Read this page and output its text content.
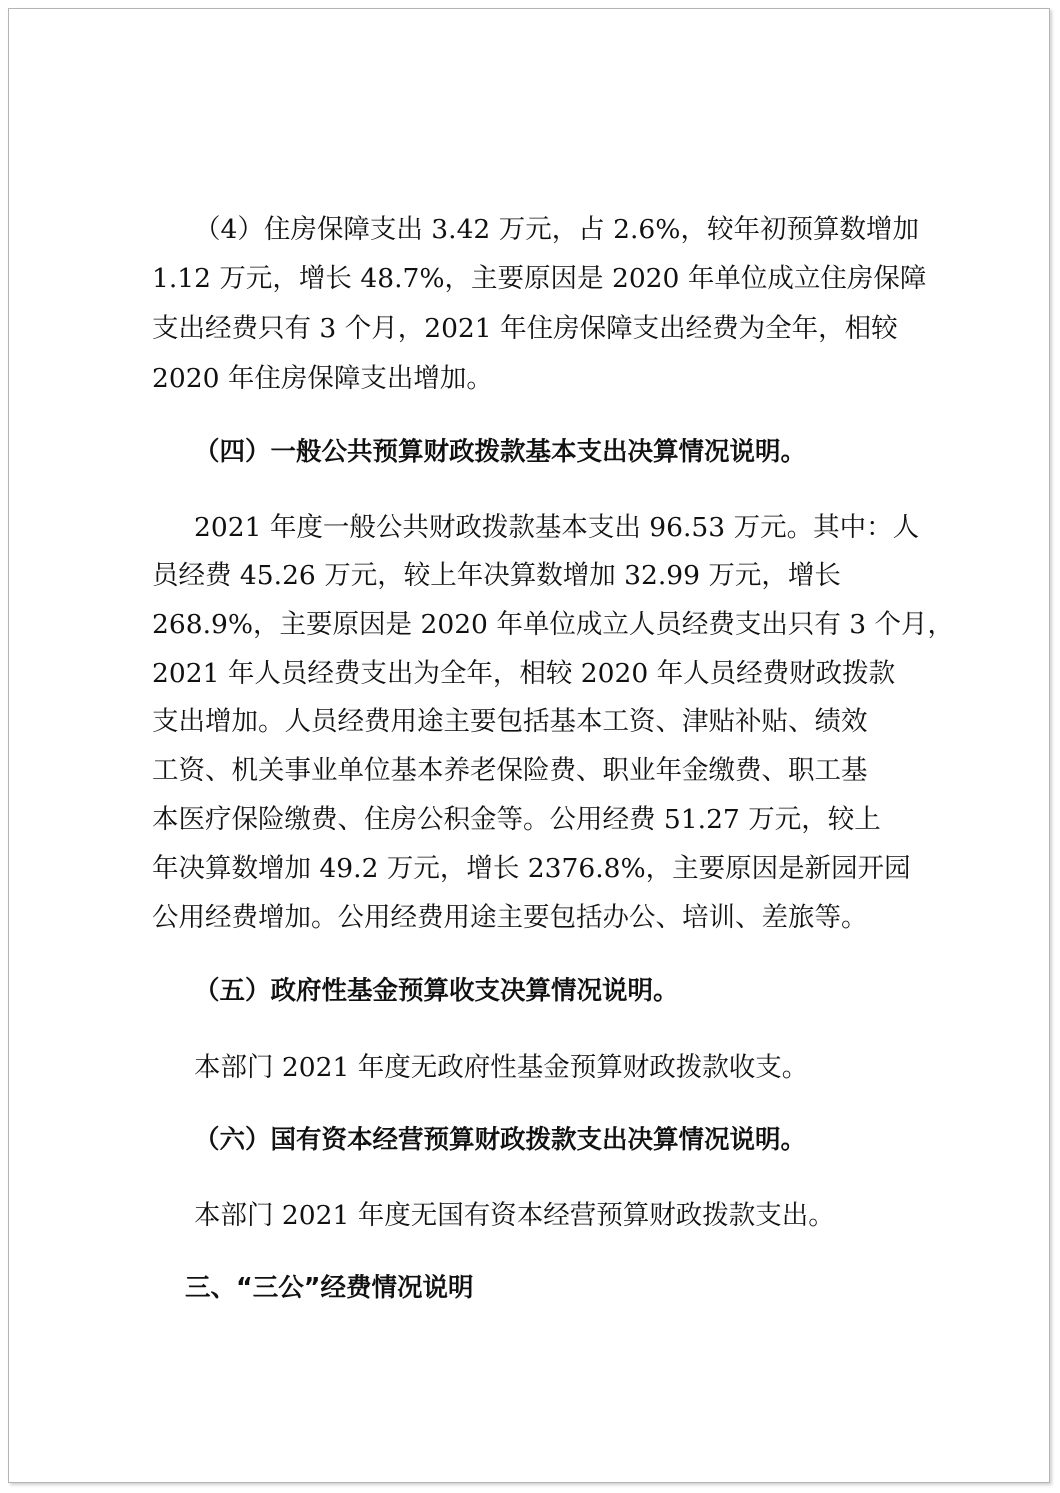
（4）住房保障支出 3.42 万元，占 2.6%，较年初预算数增加
1.12 万元，增长 48.7%，主要原因是 2020 年单位成立住房保障
支出经费只有 3 个月，2021 年住房保障支出经费为全年，相较
2020 年住房保障支出增加。
（四）一般公共预算财政拨款基本支出决算情况说明。
2021 年度一般公共财政拨款基本支出 96.53 万元。其中：人
员经费 45.26 万元，较上年决算数增加 32.99 万元，增长
268.9%，主要原因是 2020 年单位成立人员经费支出只有 3 个月，
2021 年人员经费支出为全年，相较 2020 年人员经费财政拨款
支出增加。人员经费用途主要包括基本工资、津贴补贴、绩效
工资、机关事业单位基本养老保险费、职业年金缴费、职工基
本医疗保险缴费、住房公积金等。公用经费 51.27 万元，较上
年决算数增加 49.2 万元，增长 2376.8%，主要原因是新园开园
公用经费增加。公用经费用途主要包括办公、培训、差旅等。
（五）政府性基金预算收支决算情况说明。
本部门 2021 年度无政府性基金预算财政拨款收支。
（六）国有资本经营预算财政拨款支出决算情况说明。
本部门 2021 年度无国有资本经营预算财政拨款支出。
三、“三公”经费情况说明
